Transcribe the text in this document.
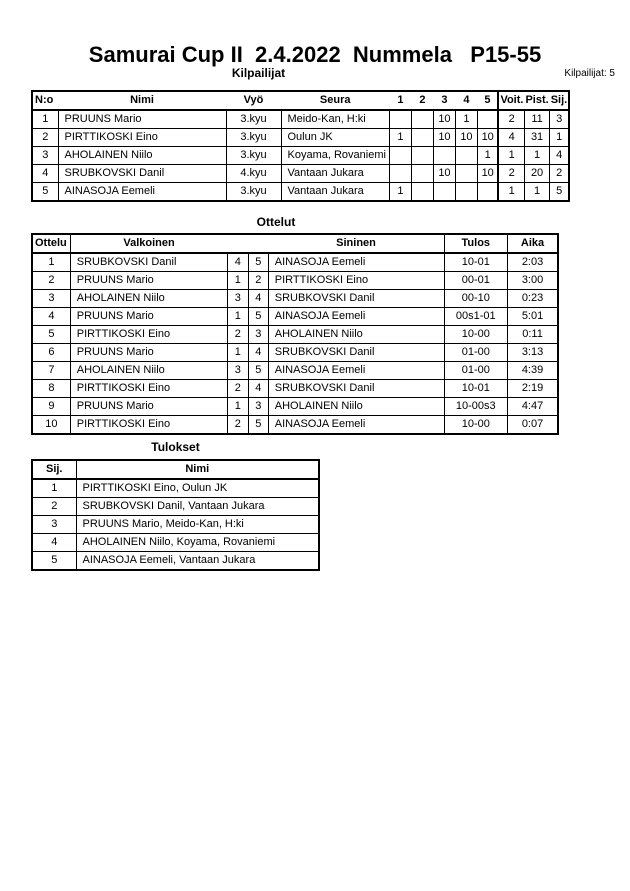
Samurai Cup II  2.4.2022  Nummela   P15-55
Kilpailijat	Kilpailijat: 5
N:o	Nimi	Vyö	Seura	1	2	3	4	5	Voit.	Pist.	Sij.
1	PRUUNS Mario	3.kyu	Meido-Kan, H:ki			10	1		2	11	3
2	PIRTTIKOSKI Eino	3.kyu	Oulun JK	1		10	10	10	4	31	1
3	AHOLAINEN Niilo	3.kyu	Koyama, Rovaniemi					1	1	1	4
4	SRUBKOVSKI Danil	4.kyu	Vantaan Jukara			10		10	2	20	2
5	AINASOJA Eemeli	3.kyu	Vantaan Jukara	1					1	1	5
Ottelut
Ottelu	Valkoinen			Sininen	Tulos	Aika
1	SRUBKOVSKI Danil	4	5	AINASOJA Eemeli	10-01	2:03
2	PRUUNS Mario	1	2	PIRTTIKOSKI Eino	00-01	3:00
3	AHOLAINEN Niilo	3	4	SRUBKOVSKI Danil	00-10	0:23
4	PRUUNS Mario	1	5	AINASOJA Eemeli	00s1-01	5:01
5	PIRTTIKOSKI Eino	2	3	AHOLAINEN Niilo	10-00	0:11
6	PRUUNS Mario	1	4	SRUBKOVSKI Danil	01-00	3:13
7	AHOLAINEN Niilo	3	5	AINASOJA Eemeli	01-00	4:39
8	PIRTTIKOSKI Eino	2	4	SRUBKOVSKI Danil	10-01	2:19
9	PRUUNS Mario	1	3	AHOLAINEN Niilo	10-00s3	4:47
10	PIRTTIKOSKI Eino	2	5	AINASOJA Eemeli	10-00	0:07
Tulokset
Sij.	Nimi
1	PIRTTIKOSKI Eino, Oulun JK
2	SRUBKOVSKI Danil, Vantaan Jukara
3	PRUUNS Mario, Meido-Kan, H:ki
4	AHOLAINEN Niilo, Koyama, Rovaniemi
5	AINASOJA Eemeli, Vantaan Jukara
